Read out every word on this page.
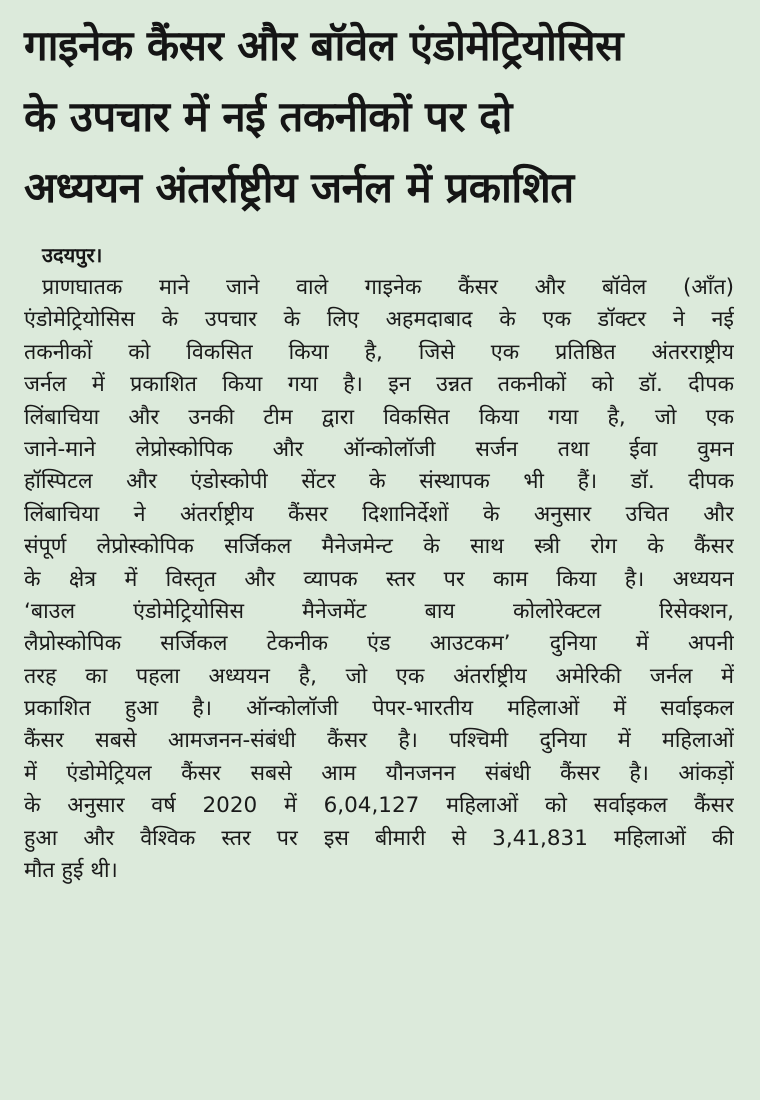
गाइनेक कैंसर और बॉवेल एंडोमेट्रियोसिस
के उपचार में नई तकनीकों पर दो
अध्ययन अंतर्राष्ट्रीय जर्नल में प्रकाशित
उदयपुर।
प्राणघातक माने जाने वाले गाइनेक कैंसर और बॉवेल (आँत)
एंडोमेट्रियोसिस के उपचार के लिए अहमदाबाद के एक डॉक्टर ने नई
तकनीकों को विकसित किया है, जिसे एक प्रतिष्ठित अंतरराष्ट्रीय
जर्नल में प्रकाशित किया गया है। इन उन्नत तकनीकों को डॉ. दीपक
लिंबाचिया और उनकी टीम द्वारा विकसित किया गया है, जो एक
जाने-माने लेप्रोस्कोपिक और ऑन्कोलॉजी सर्जन तथा ईवा वुमन
हॉस्पिटल और एंडोस्कोपी सेंटर के संस्थापक भी हैं। डॉ. दीपक
लिंबाचिया ने अंतर्राष्ट्रीय कैंसर दिशानिर्देशों के अनुसार उचित और
संपूर्ण लेप्रोस्कोपिक सर्जिकल मैनेजमेन्ट के साथ स्त्री रोग के कैंसर
के क्षेत्र में विस्तृत और व्यापक स्तर पर काम किया है। अध्ययन
‘बाउल एंडोमेट्रियोसिस मैनेजमेंट बाय कोलोरेक्टल रिसेक्शन,
लैप्रोस्कोपिक सर्जिकल टेकनीक एंड आउटकम’ दुनिया में अपनी
तरह का पहला अध्ययन है, जो एक अंतर्राष्ट्रीय अमेरिकी जर्नल में
प्रकाशित हुआ है। ऑन्कोलॉजी पेपर-भारतीय महिलाओं में सर्वाइकल
कैंसर सबसे आमजनन-संबंधी कैंसर है। पश्चिमी दुनिया में महिलाओं
में एंडोमेट्रियल कैंसर सबसे आम यौनजनन संबंधी कैंसर है। आंकड़ों
के अनुसार वर्ष 2020 में 6,04,127 महिलाओं को सर्वाइकल कैंसर
हुआ और वैश्विक स्तर पर इस बीमारी से 3,41,831 महिलाओं की
मौत हुई थी।
